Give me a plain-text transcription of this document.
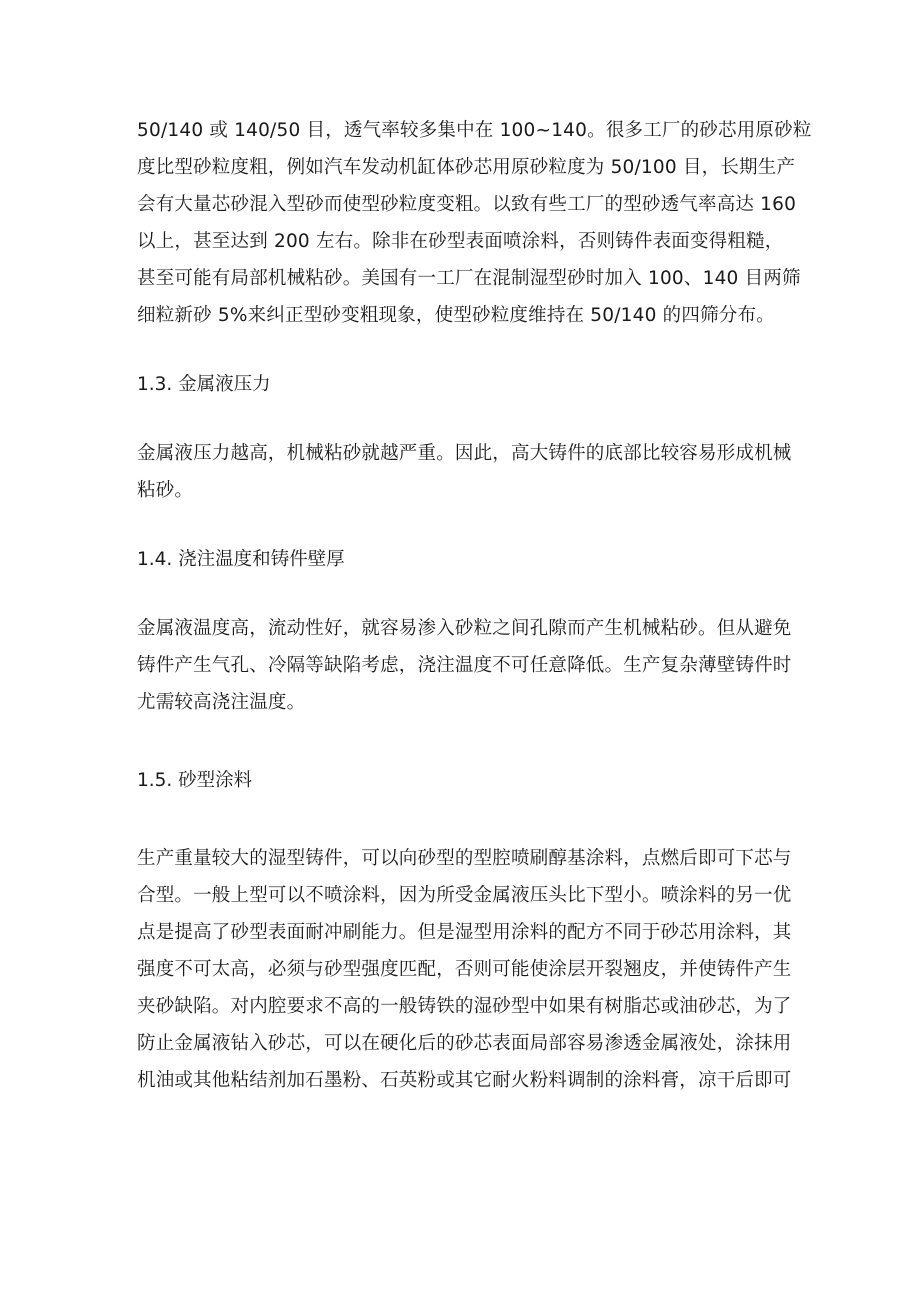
50/140 或 140/50 目，透气率较多集中在 100~140。很多工厂的砂芯用原砂粒
度比型砂粒度粗，例如汽车发动机缸体砂芯用原砂粒度为 50/100 目，长期生产
会有大量芯砂混入型砂而使型砂粒度变粗。以致有些工厂的型砂透气率高达 160
以上，甚至达到 200 左右。除非在砂型表面喷涂料，否则铸件表面变得粗糙，
甚至可能有局部机械粘砂。美国有一工厂在混制湿型砂时加入 100、140 目两筛
细粒新砂 5%来纠正型砂变粗现象，使型砂粒度维持在 50/140 的四筛分布。
1.3. 金属液压力
金属液压力越高，机械粘砂就越严重。因此，高大铸件的底部比较容易形成机械
粘砂。
1.4. 浇注温度和铸件壁厚
金属液温度高，流动性好，就容易渗入砂粒之间孔隙而产生机械粘砂。但从避免
铸件产生气孔、冷隔等缺陷考虑，浇注温度不可任意降低。生产复杂薄壁铸件时
尤需较高浇注温度。
1.5. 砂型涂料
生产重量较大的湿型铸件，可以向砂型的型腔喷刷醇基涂料，点燃后即可下芯与
合型。一般上型可以不喷涂料，因为所受金属液压头比下型小。喷涂料的另一优
点是提高了砂型表面耐冲刷能力。但是湿型用涂料的配方不同于砂芯用涂料，其
强度不可太高，必须与砂型强度匹配，否则可能使涂层开裂翘皮，并使铸件产生
夹砂缺陷。对内腔要求不高的一般铸铁的湿砂型中如果有树脂芯或油砂芯，为了
防止金属液钻入砂芯，可以在硬化后的砂芯表面局部容易渗透金属液处，涂抹用
机油或其他粘结剂加石墨粉、石英粉或其它耐火粉料调制的涂料膏，凉干后即可
